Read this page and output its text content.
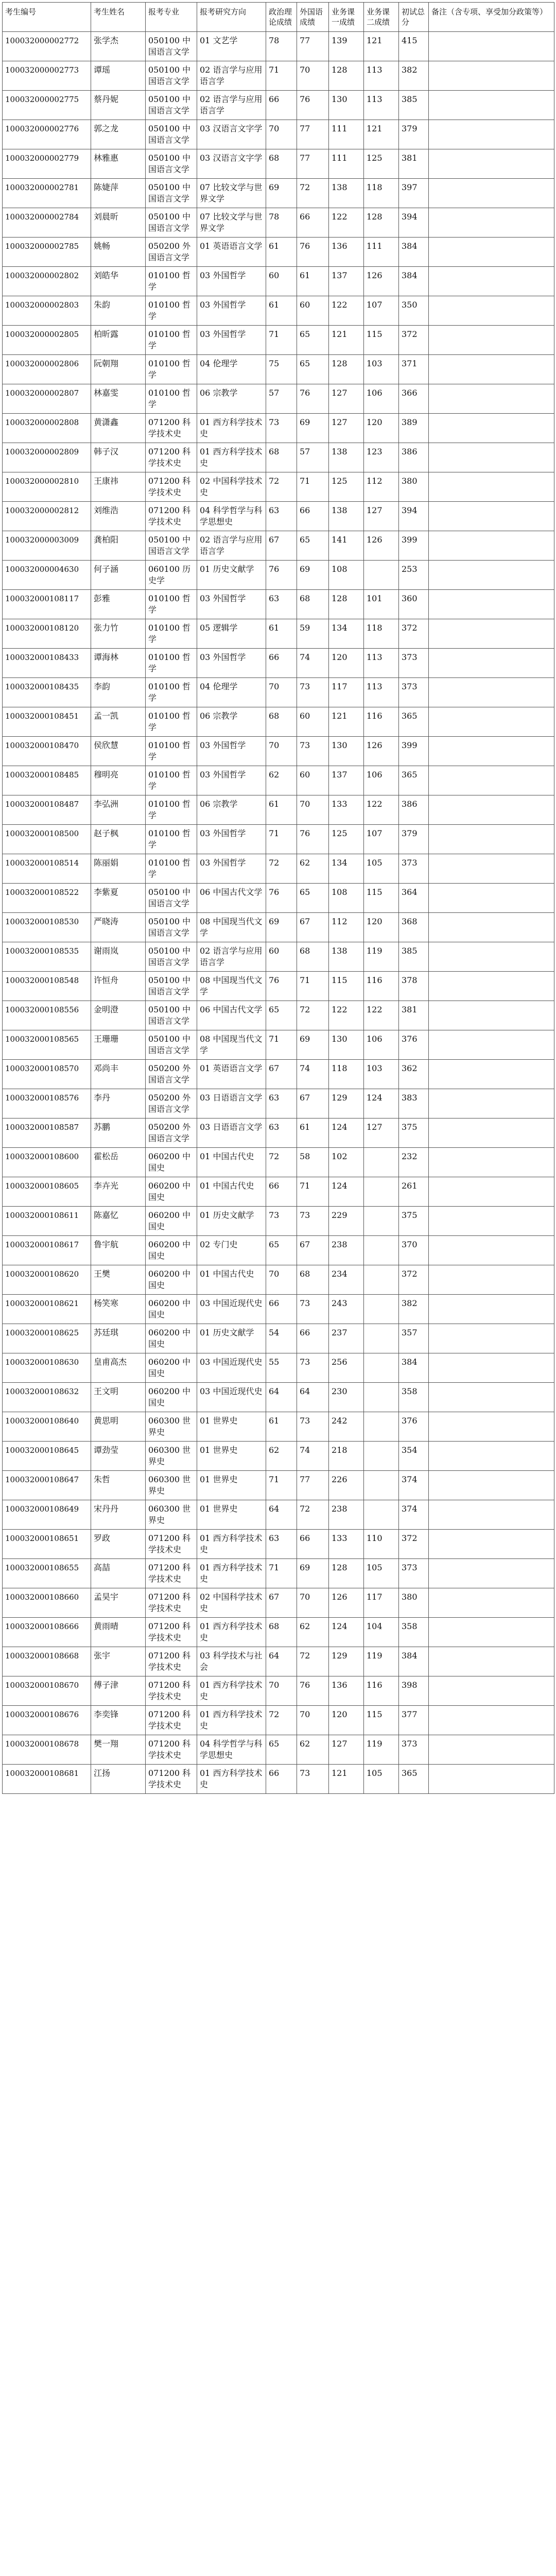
考生编号	考生姓名	报考专业	报考研究方向	政治理论成绩	外国语成绩	业务课一成绩	业务课二成绩	初试总分	备注（含专项、享受加分政策等）
100032000002772	张学杰	050100 中国语言文学	01 文艺学	78	77	139	121	415	
100032000002773	谭瑶	050100 中国语言文学	02 语言学与应用语言学	71	70	128	113	382	
100032000002775	蔡丹妮	050100 中国语言文学	02 语言学与应用语言学	66	76	130	113	385	
100032000002776	郭之龙	050100 中国语言文学	03 汉语言文字学	70	77	111	121	379	
100032000002779	林雅惠	050100 中国语言文学	03 汉语言文字学	68	77	111	125	381	
100032000002781	陈婕萍	050100 中国语言文学	07 比较文学与世界文学	69	72	138	118	397	
100032000002784	刘晨昕	050100 中国语言文学	07 比较文学与世界文学	78	66	122	128	394	
100032000002785	姚畅	050200 外国语言文学	01 英语语言文学	61	76	136	111	384	
100032000002802	刘皓华	010100 哲学	03 外国哲学	60	61	137	126	384	
100032000002803	朱韵	010100 哲学	03 外国哲学	61	60	122	107	350	
100032000002805	柏昕露	010100 哲学	03 外国哲学	71	65	121	115	372	
100032000002806	阮朝翔	010100 哲学	04 伦理学	75	65	128	103	371	
100032000002807	林嘉雯	010100 哲学	06 宗教学	57	76	127	106	366	
100032000002808	黄潇鑫	071200 科学技术史	01 西方科学技术史	73	69	127	120	389	
100032000002809	韩子汉	071200 科学技术史	01 西方科学技术史	68	57	138	123	386	
100032000002810	王康祎	071200 科学技术史	02 中国科学技术史	72	71	125	112	380	
100032000002812	刘维浩	071200 科学技术史	04 科学哲学与科学思想史	63	66	138	127	394	
100032000003009	龚柏阳	050100 中国语言文学	02 语言学与应用语言学	67	65	141	126	399	
100032000004630	何子涵	060100 历史学	01 历史文献学	76	69	108		253	
100032000108117	彭雅	010100 哲学	03 外国哲学	63	68	128	101	360	
100032000108120	张力竹	010100 哲学	05 逻辑学	61	59	134	118	372	
100032000108433	谭海林	010100 哲学	03 外国哲学	66	74	120	113	373	
100032000108435	李韵	010100 哲学	04 伦理学	70	73	117	113	373	
100032000108451	孟一凯	010100 哲学	06 宗教学	68	60	121	116	365	
100032000108470	侯欣慧	010100 哲学	03 外国哲学	70	73	130	126	399	
100032000108485	穆明亮	010100 哲学	03 外国哲学	62	60	137	106	365	
100032000108487	李弘洲	010100 哲学	06 宗教学	61	70	133	122	386	
100032000108500	赵子枫	010100 哲学	03 外国哲学	71	76	125	107	379	
100032000108514	陈丽娟	010100 哲学	03 外国哲学	72	62	134	105	373	
100032000108522	李紫夏	050100 中国语言文学	06 中国古代文学	76	65	108	115	364	
100032000108530	严晓涛	050100 中国语言文学	08 中国现当代文学	69	67	112	120	368	
100032000108535	谢雨岚	050100 中国语言文学	02 语言学与应用语言学	60	68	138	119	385	
100032000108548	许恒舟	050100 中国语言文学	08 中国现当代文学	76	71	115	116	378	
100032000108556	金明澄	050100 中国语言文学	06 中国古代文学	65	72	122	122	381	
100032000108565	王珊珊	050100 中国语言文学	08 中国现当代文学	71	69	130	106	376	
100032000108570	邓尚丰	050200 外国语言文学	01 英语语言文学	67	74	118	103	362	
100032000108576	李丹	050200 外国语言文学	03 日语语言文学	63	67	129	124	383	
100032000108587	苏鹏	050200 外国语言文学	03 日语语言文学	63	61	124	127	375	
100032000108600	霍松岳	060200 中国史	01 中国古代史	72	58	102		232	
100032000108605	李卉光	060200 中国史	01 中国古代史	66	71	124		261	
100032000108611	陈嘉忆	060200 中国史	01 历史文献学	73	73	229		375	
100032000108617	鲁宇航	060200 中国史	02 专门史	65	67	238		370	
100032000108620	王樊	060200 中国史	01 中国古代史	70	68	234		372	
100032000108621	杨笑寒	060200 中国史	03 中国近现代史	66	73	243		382	
100032000108625	苏廷琪	060200 中国史	01 历史文献学	54	66	237		357	
100032000108630	皇甫高杰	060200 中国史	03 中国近现代史	55	73	256		384	
100032000108632	王文明	060200 中国史	03 中国近现代史	64	64	230		358	
100032000108640	黄思明	060300 世界史	01 世界史	61	73	242		376	
100032000108645	谭劲莹	060300 世界史	01 世界史	62	74	218		354	
100032000108647	朱哲	060300 世界史	01 世界史	71	77	226		374	
100032000108649	宋丹丹	060300 世界史	01 世界史	64	72	238		374	
100032000108651	罗政	071200 科学技术史	01 西方科学技术史	63	66	133	110	372	
100032000108655	高喆	071200 科学技术史	01 西方科学技术史	71	69	128	105	373	
100032000108660	孟昊宇	071200 科学技术史	02 中国科学技术史	67	70	126	117	380	
100032000108666	黄雨晴	071200 科学技术史	01 西方科学技术史	68	62	124	104	358	
100032000108668	张宇	071200 科学技术史	03 科学技术与社会	64	72	129	119	384	
100032000108670	傅子津	071200 科学技术史	01 西方科学技术史	70	76	136	116	398	
100032000108676	李奕锋	071200 科学技术史	01 西方科学技术史	72	70	120	115	377	
100032000108678	樊一翔	071200 科学技术史	04 科学哲学与科学思想史	65	62	127	119	373	
100032000108681	江扬	071200 科学技术史	01 西方科学技术史	66	73	121	105	365	
